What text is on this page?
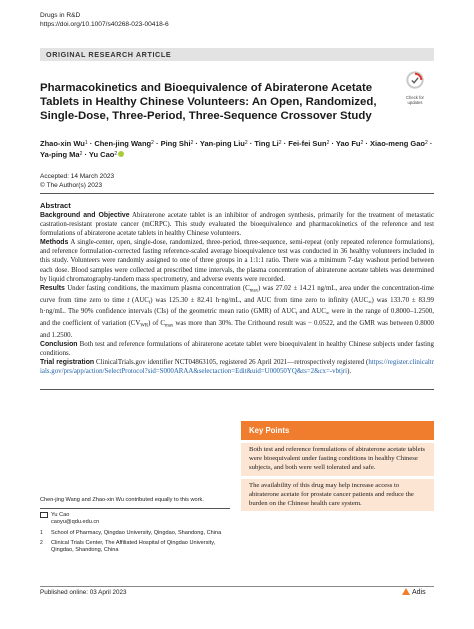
Drugs in R&D
https://doi.org/10.1007/s40268-023-00418-6
ORIGINAL RESEARCH ARTICLE
Check for
updates
Pharmacokinetics and Bioequivalence of Abiraterone Acetate Tablets in Healthy Chinese Volunteers: An Open, Randomized, Single-Dose, Three-Period, Three-Sequence Crossover Study
Zhao-xin $Wu^1$ · Chen-jing Wang$^2$ · Ping Shi$^2$ · Yan-ping Liu$^2$ · Ting $Li^2 \cdot Fei-fei$ Sun$^2$ · Yao $Fu^2$ · Xiao-meng Gao$^2$ · Ya-ping $Ma^2 \cdot Yu$ Cao$^2$
Accepted: 14 March 2023
© The Author(s) 2023
Abstract

Background and Objective Abiraterone acetate tablet is an inhibitor of androgen synthesis, primarily for the treatment of metastatic castration-resistant prostate cancer (mCRPC). This study evaluated the bioequivalence and pharmacokinetics of the reference and test formulations of abiraterone acetate tablets in healthy Chinese volunteers.

Methods A single-center, open, single-dose, randomized, three-period, three-sequence, semi-repeat (only repeated reference formulations), and reference formulation-corrected fasting reference-scaled average bioequivalence test was conducted in 36 healthy volunteers included in this study. Volunteers were randomly assigned to one of three groups in a 1:1:1 ratio. There was a minimum 7-day washout period between each dose. Blood samples were collected at prescribed time intervals, the plasma concentration of abiraterone acetate tablets was determined by liquid chromatography-tandem mass spectrometry, and adverse events were recorded.

Results Under fasting conditions, the maximum plasma concentration $(C_{max})$ was 27.02 ± 14.21 ng/mL, area under the concentration-time curve from time zero to time t $(AUC_t)$ was 125.30 ± 82.41 h·ng/mL, and AUC from time zero to infinity $(AUC_\infty)$ was 133.70 ± 83.99 h·ng/mL. The 90% confidence intervals (CIs) of the geometric mean ratio (GMR) of $AUC_t$ and $AUC_\infty$ were in the range of 0.8000–1.2500, and the coefficient of variation $(CV_{WR})$ of $C_{max}$ was more than 30%. The Crithound result was − 0.0522, and the GMR was between 0.8000 and 1.2500.

Conclusion Both test and reference formulations of abiraterone acetate tablet were bioequivalent in healthy Chinese subjects under fasting conditions.

Trial registration ClinicalTrials.gov identifier NCT04863105, registered 26 April 2021—retrospectively registered (https://register.clinicaltrials.gov/prs/app/action/SelectProtocol?sid=S000ARAA&selectaction=Edit&uid=U00050YQ&ts=2&cx=-vbtjri).

Key Points
Both test and reference formulations of abiraterone acetate tablets were bioequivalent under fasting conditions in healthy Chinese subjects, and both were well tolerated and safe.
The availability of this drug may help increase access to abiraterone acetate for prostate cancer patients and reduce the burden on the Chinese health care system.
Chen-jing Wang and Zhao-xin Wu contributed equally to this work.
Yu Cao
caoyu@qdu.edu.cn
1	School of Pharmacy, Qingdao University, Qingdao, Shandong, China
2	Clinical Trials Center, The Affiliated Hospital of Qingdao University, Qingdao, Shandong, China
Published online: 03 April 2023	Adis
